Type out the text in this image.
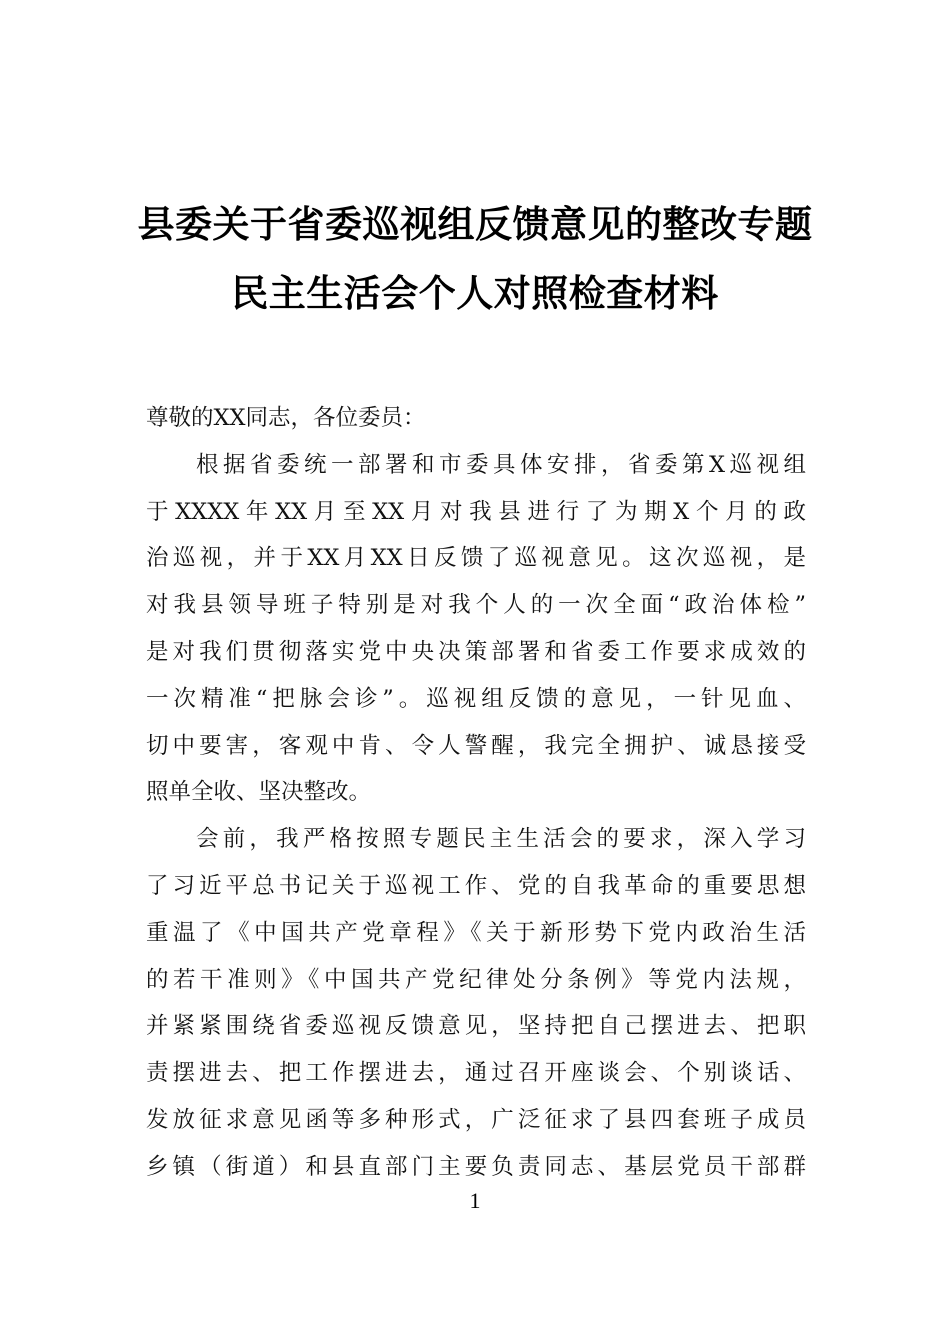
县委关于省委巡视组反馈意见的整改专题
民主生活会个人对照检查材料
尊敬的XX同志，各位委员：
根据省委统一部署和市委具体安排，省委第X巡视组
于XXXX年XX月至XX月对我县进行了为期X个月的政
治巡视，并于XX月XX日反馈了巡视意见。这次巡视，是
对我县领导班子特别是对我个人的一次全面“政治体检”
是对我们贯彻落实党中央决策部署和省委工作要求成效的
一次精准“把脉会诊”。巡视组反馈的意见，一针见血、
切中要害，客观中肯、令人警醒，我完全拥护、诚恳接受
照单全收、坚决整改。
会前，我严格按照专题民主生活会的要求，深入学习
了习近平总书记关于巡视工作、党的自我革命的重要思想
重温了《中国共产党章程》《关于新形势下党内政治生活
的若干准则》《中国共产党纪律处分条例》等党内法规，
并紧紧围绕省委巡视反馈意见，坚持把自己摆进去、把职
责摆进去、把工作摆进去，通过召开座谈会、个别谈话、
发放征求意见函等多种形式，广泛征求了县四套班子成员
乡镇（街道）和县直部门主要负责同志、基层党员干部群
1
